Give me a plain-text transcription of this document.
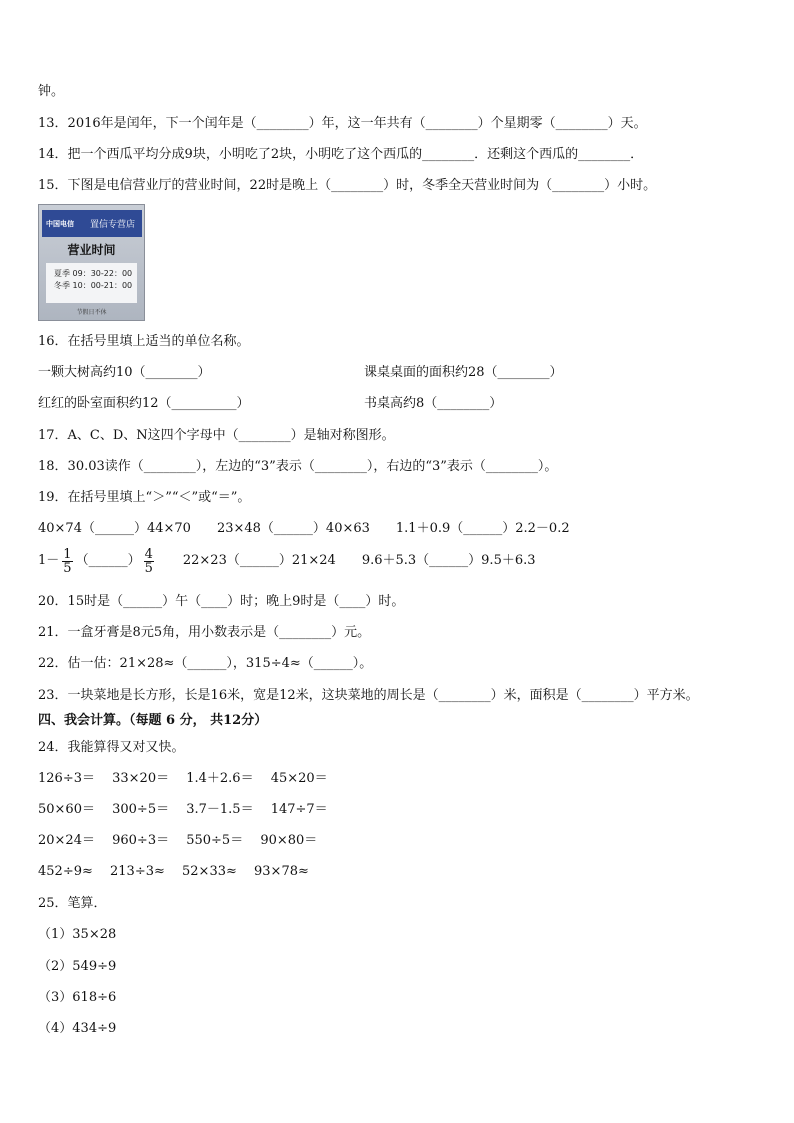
钟。
13．2016年是闰年，下一个闰年是（________）年，这一年共有（________）个星期零（________）天。
14．把一个西瓜平均分成9块，小明吃了2块，小明吃了这个西瓜的________．还剩这个西瓜的________．
15．下图是电信营业厅的营业时间，22时是晚上（________）时，冬季全天营业时间为（________）小时。
中国电信	置信专营店
营业时间
夏季 09：30-22：00
冬季 10：00-21：00
节假日不休
16．在括号里填上适当的单位名称。
一颗大树高约10（________）	课桌桌面的面积约28（________）
红红的卧室面积约12（__________）	书桌高约8（________）
17．A、C、D、N这四个字母中（________）是轴对称图形。
18．30.03读作（________），左边的“3”表示（________），右边的“3”表示（________）。
19．在括号里填上“＞”“＜”或“＝”。
40×74（______）44×70　　23×48（______）40×63　　1.1＋0.9（______）2.2－0.2
$1- \frac{1}{5}$ （______） $\frac{4}{5}$ 22×23（______）21×24　　9.6＋5.3（______）9.5＋6.3
20．15时是（______）午（____）时；晚上9时是（____）时。
21．一盒牙膏是8元5角，用小数表示是（________）元。
22．估一估：21×28≈（______），315÷4≈（______）。
23．一块菜地是长方形，长是16米，宽是12米，这块菜地的周长是（________）米，面积是（________）平方米。
四、我会计算。（每题 6 分， 共12分）
24．我能算得又对又快。
126÷3＝　 33×20＝　 1.4＋2.6＝　 45×20＝
50×60＝　 300÷5＝　 3.7－1.5＝　 147÷7＝
20×24＝　 960÷3＝　 550÷5＝　 90×80＝
452÷9≈　 213÷3≈　 52×33≈　 93×78≈
25．笔算．
（1）35×28
（2）549÷9
（3）618÷6
（4）434÷9
